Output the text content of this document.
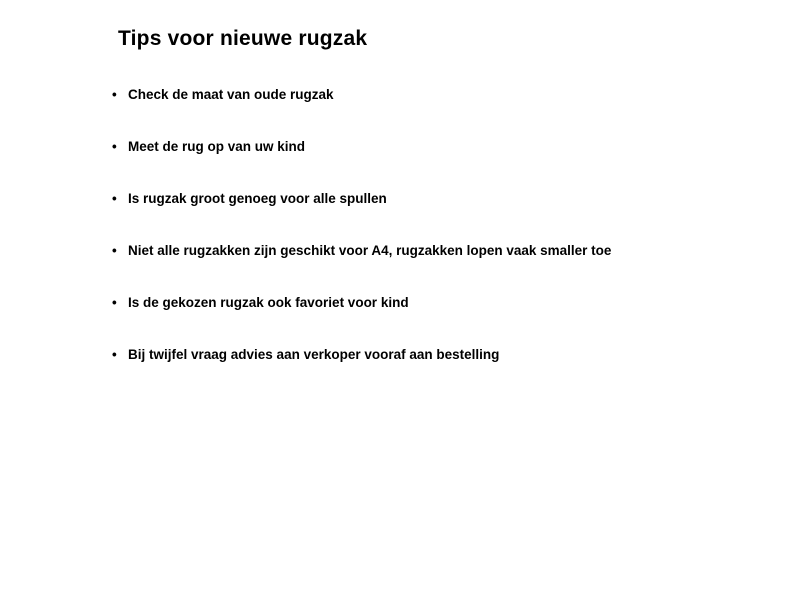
Tips voor nieuwe rugzak
• Check de maat van oude rugzak
• Meet de rug op van uw kind
• Is rugzak groot genoeg voor alle spullen
• Niet alle rugzakken zijn geschikt voor A4, rugzakken lopen vaak smaller toe
• Is de gekozen rugzak ook favoriet voor kind
• Bij twijfel vraag advies aan verkoper vooraf aan bestelling
